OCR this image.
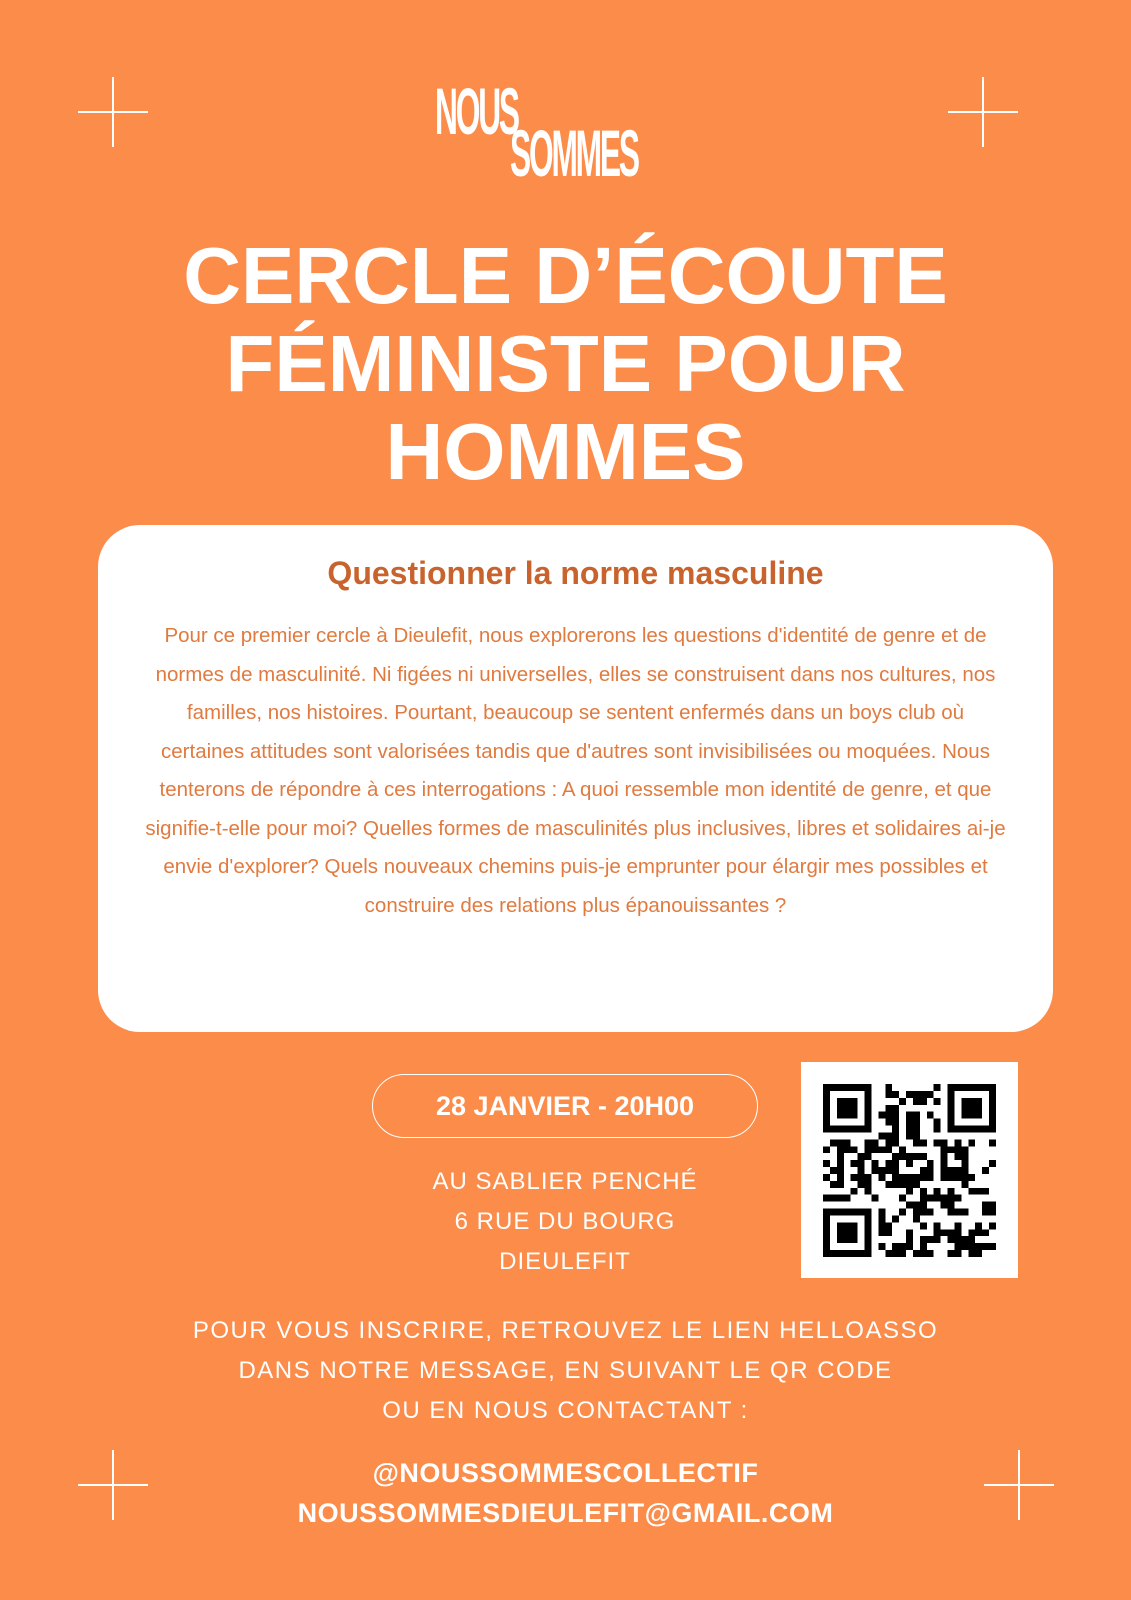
NOUS
SOMMES
CERCLE D’ÉCOUTE
FÉMINISTE POUR
HOMMES
Questionner la norme masculine

Pour ce premier cercle à Dieulefit, nous explorerons les questions d'identité de genre et de normes de masculinité. Ni figées ni universelles, elles se construisent dans nos cultures, nos familles, nos histoires. Pourtant, beaucoup se sentent enfermés dans un boys club où certaines attitudes sont valorisées tandis que d'autres sont invisibilisées ou moquées. Nous tenterons de répondre à ces interrogations : A quoi ressemble mon identité de genre, et que signifie-t-elle pour moi? Quelles formes de masculinités plus inclusives, libres et solidaires ai-je envie d'explorer? Quels nouveaux chemins puis-je emprunter pour élargir mes possibles et construire des relations plus épanouissantes ?

28 JANVIER - 20H00
AU SABLIER PENCHÉ
6 RUE DU BOURG
DIEULEFIT
POUR VOUS INSCRIRE, RETROUVEZ LE LIEN HELLOASSO
DANS NOTRE MESSAGE, EN SUIVANT LE QR CODE
OU EN NOUS CONTACTANT :
@NOUSSOMMESCOLLECTIF
NOUSSOMMESDIEULEFIT@GMAIL.COM
